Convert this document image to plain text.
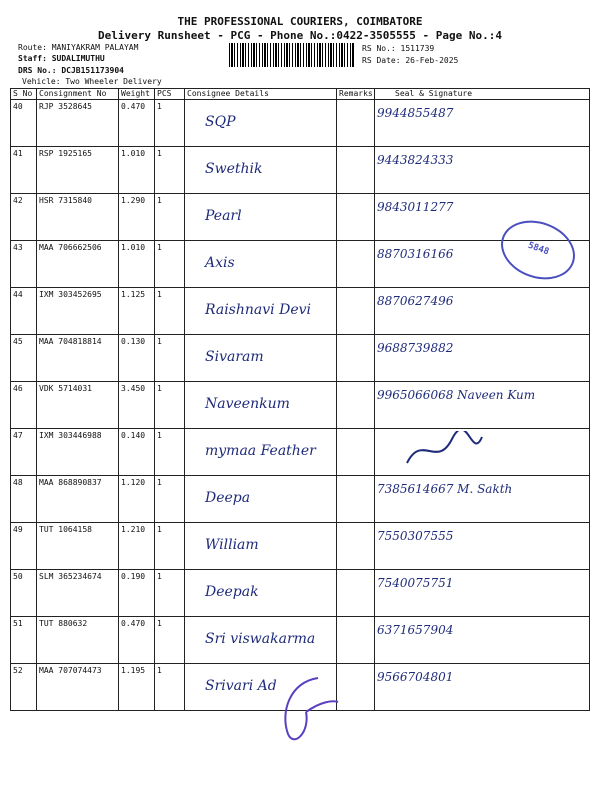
THE PROFESSIONAL COURIERS, COIMBATORE
Delivery Runsheet - PCG - Phone No.:0422-3505555 - Page No.:4
Route: MANIYAKRAM PALAYAM
Staff: SUDALIMUTHU
DRS No.: DCJB151173904
Vehicle: Two Wheeler Delivery
RS No.: 1511739
RS Date: 26-Feb-2025
S No	Consignment No	Weight	PCS	Consignee Details	Remarks	Seal & Signature
40	RJP 3528645	0.470	1	SQP		9944855487

41	RSP 1925165	1.010	1	Swethik		9443824333

42	HSR 7315840	1.290	1	Pearl		9843011277

43	MAA 706662506	1.010	1	Axis		8870316166

44	IXM 303452695	1.125	1	Raishnavi Devi		8870627496

45	MAA 704818814	0.130	1	Sivaram		9688739882

46	VDK 5714031	3.450	1	Naveenkum		9965066068 Naveen Kum

47	IXM 303446988	0.140	1	mymaa Feather

48	MAA 868890837	1.120	1	Deepa		7385614667 M. Sakth

49	TUT 1064158	1.210	1	William		7550307555

50	SLM 365234674	0.190	1	Deepak		7540075751

51	TUT 880632	0.470	1	Sri viswakarma		6371657904

52	MAA 707074473	1.195	1	Srivari Ad		9566704801
5848
